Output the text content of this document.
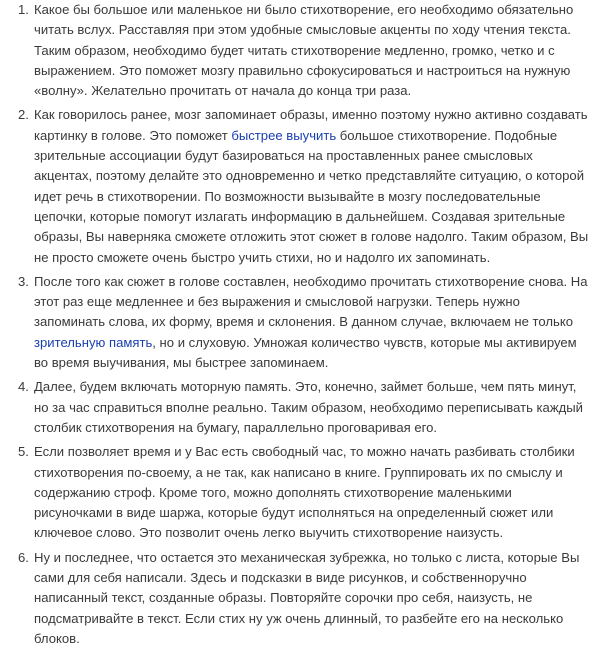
1. Какое бы большое или маленькое ни было стихотворение, его необходимо обязательно читать вслух. Расставляя при этом удобные смысловые акценты по ходу чтения текста. Таким образом, необходимо будет читать стихотворение медленно, громко, четко и с выражением. Это поможет мозгу правильно сфокусироваться и настроиться на нужную «волну». Желательно прочитать от начала до конца три раза.
2. Как говорилось ранее, мозг запоминает образы, именно поэтому нужно активно создавать картинку в голове. Это поможет быстрее выучить большое стихотворение. Подобные зрительные ассоциации будут базироваться на проставленных ранее смысловых акцентах, поэтому делайте это одновременно и четко представляйте ситуацию, о которой идет речь в стихотворении. По возможности вызывайте в мозгу последовательные цепочки, которые помогут излагать информацию в дальнейшем. Создавая зрительные образы, Вы наверняка сможете отложить этот сюжет в голове надолго. Таким образом, Вы не просто сможете очень быстро учить стихи, но и надолго их запоминать.
3. После того как сюжет в голове составлен, необходимо прочитать стихотворение снова. На этот раз еще медленнее и без выражения и смысловой нагрузки. Теперь нужно запоминать слова, их форму, время и склонения. В данном случае, включаем не только зрительную память, но и слуховую. Умножая количество чувств, которые мы активируем во время выучивания, мы быстрее запоминаем.
4. Далее, будем включать моторную память. Это, конечно, займет больше, чем пять минут, но за час справиться вполне реально. Таким образом, необходимо переписывать каждый столбик стихотворения на бумагу, параллельно проговаривая его.
5. Если позволяет время и у Вас есть свободный час, то можно начать разбивать столбики стихотворения по-своему, а не так, как написано в книге. Группировать их по смыслу и содержанию строф. Кроме того, можно дополнять стихотворение маленькими рисуночками в виде шаржа, которые будут исполняться на определенный сюжет или ключевое слово. Это позволит очень легко выучить стихотворение наизусть.
6. Ну и последнее, что остается это механическая зубрежка, но только с листа, которые Вы сами для себя написали. Здесь и подсказки в виде рисунков, и собственноручно написанный текст, созданные образы. Повторяйте сорочки про себя, наизусть, не подсматривайте в текст. Если стих ну уж очень длинный, то разбейте его на несколько блоков.
